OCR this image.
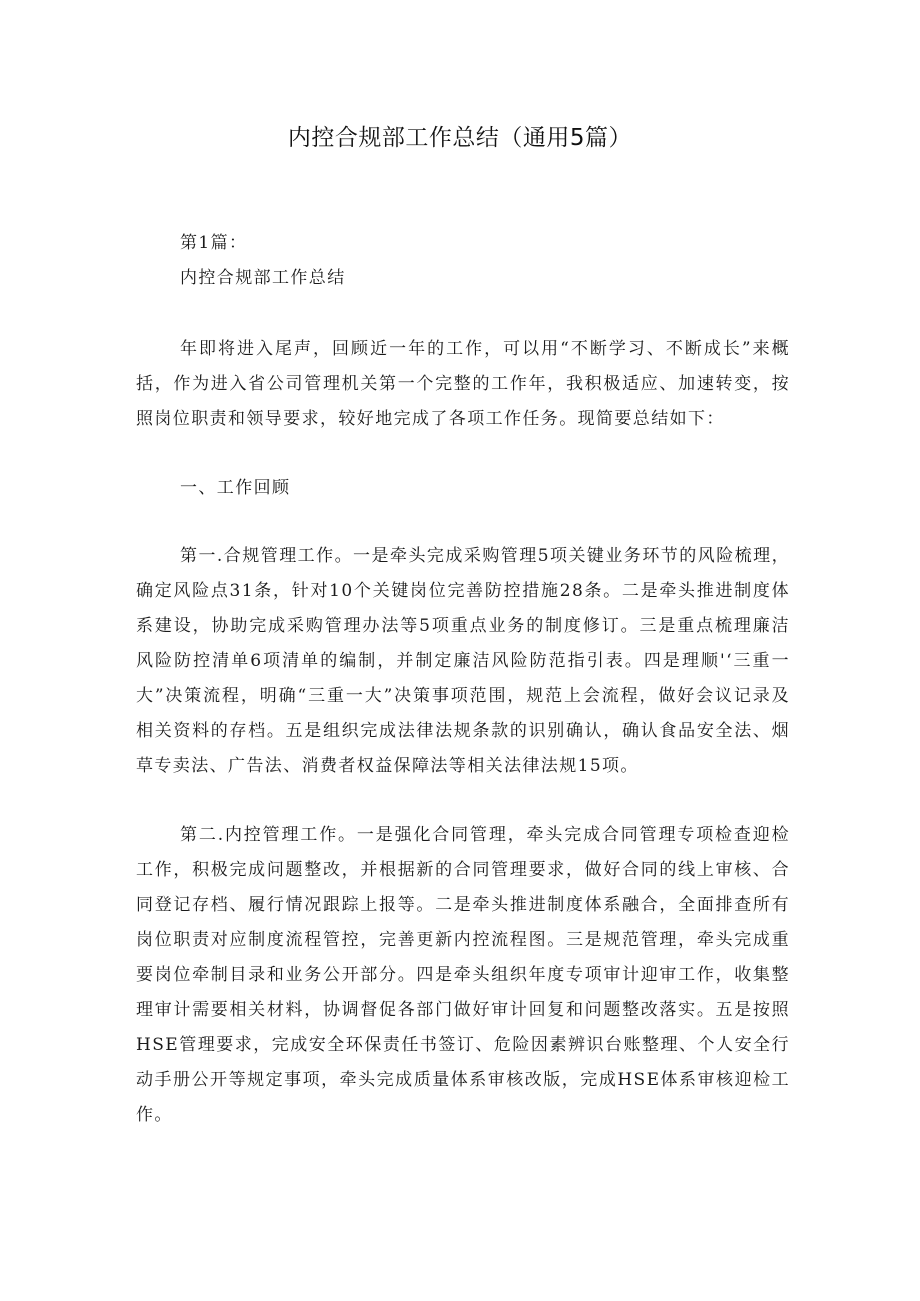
内控合规部工作总结（通用5篇）

第1篇：

内控合规部工作总结

年即将进入尾声，回顾近一年的工作，可以用“不断学习、不断成长”来概括，作为进入省公司管理机关第一个完整的工作年，我积极适应、加速转变，按照岗位职责和领导要求，较好地完成了各项工作任务。现简要总结如下：

一、工作回顾

第一.合规管理工作。一是牵头完成采购管理5项关键业务环节的风险梳理，确定风险点31条，针对10个关键岗位完善防控措施28条。二是牵头推进制度体系建设，协助完成采购管理办法等5项重点业务的制度修订。三是重点梳理廉洁风险防控清单6项清单的编制，并制定廉洁风险防范指引表。四是理顺'‘三重一大”决策流程，明确“三重一大”决策事项范围，规范上会流程，做好会议记录及相关资料的存档。五是组织完成法律法规条款的识别确认，确认食品安全法、烟草专卖法、广告法、消费者权益保障法等相关法律法规15项。

第二.内控管理工作。一是强化合同管理，牵头完成合同管理专项检查迎检工作，积极完成问题整改，并根据新的合同管理要求，做好合同的线上审核、合同登记存档、履行情况跟踪上报等。二是牵头推进制度体系融合，全面排查所有岗位职责对应制度流程管控，完善更新内控流程图。三是规范管理，牵头完成重要岗位牵制目录和业务公开部分。四是牵头组织年度专项审计迎审工作，收集整理审计需要相关材料，协调督促各部门做好审计回复和问题整改落实。五是按照HSE管理要求，完成安全环保责任书签订、危险因素辨识台账整理、个人安全行动手册公开等规定事项，牵头完成质量体系审核改版，完成HSE体系审核迎检工作。
